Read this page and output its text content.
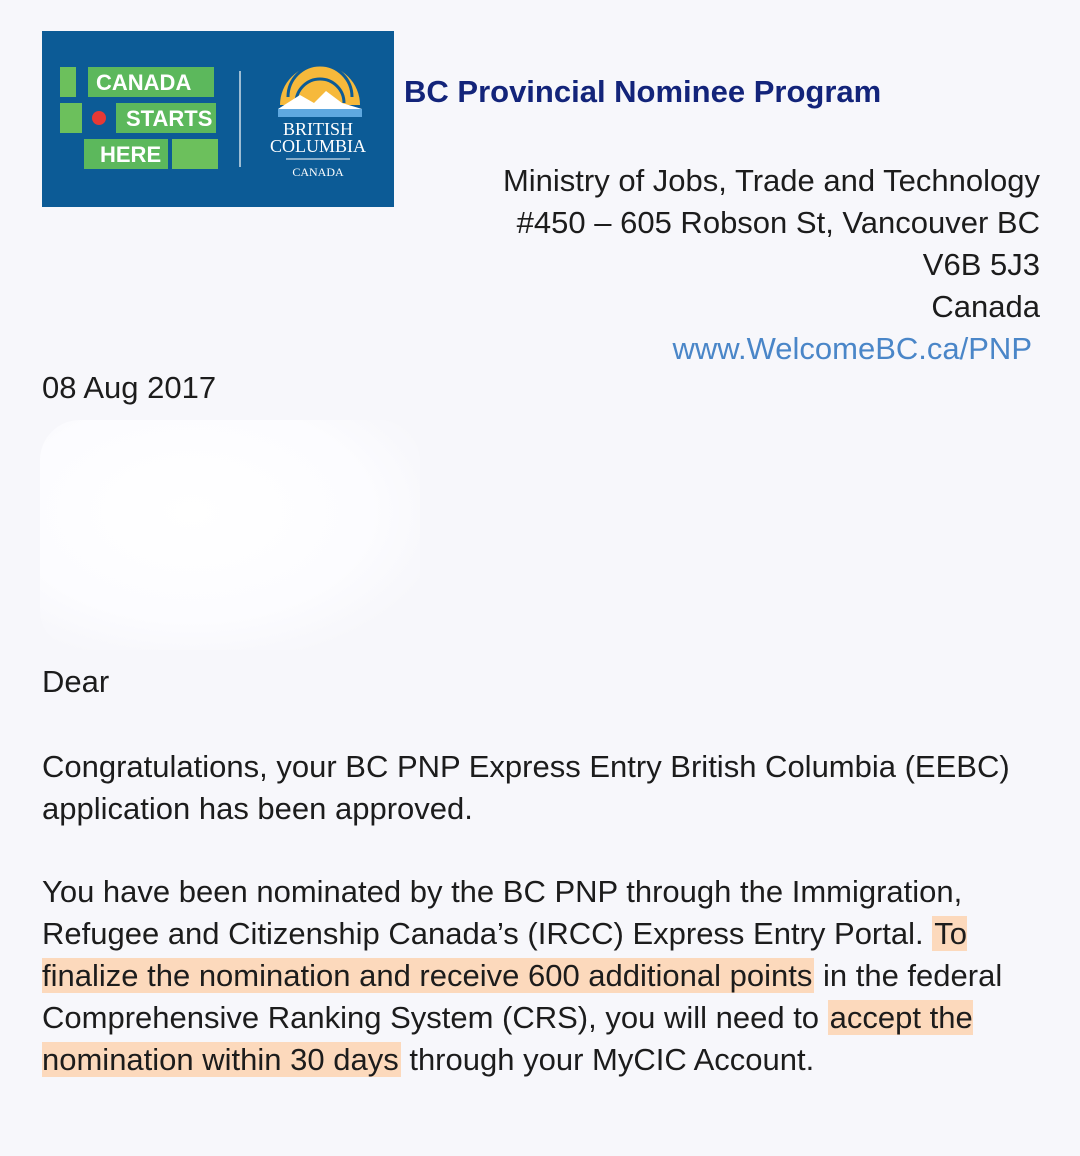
CANADA
STARTS
HERE
BRITISH
COLUMBIA
CANADA
BC Provincial Nominee Program
Ministry of Jobs, Trade and Technology
#450 – 605 Robson St, Vancouver BC
V6B 5J3
Canada
www.WelcomeBC.ca/PNP
08 Aug 2017
Dear

Congratulations, your BC PNP Express Entry British Columbia (EEBC) application has been approved.

You have been nominated by the BC PNP through the Immigration, Refugee and Citizenship Canada’s (IRCC) Express Entry Portal. To finalize the nomination and receive 600 additional points in the federal Comprehensive Ranking System (CRS), you will need to accept the nomination within 30 days through your MyCIC Account.
